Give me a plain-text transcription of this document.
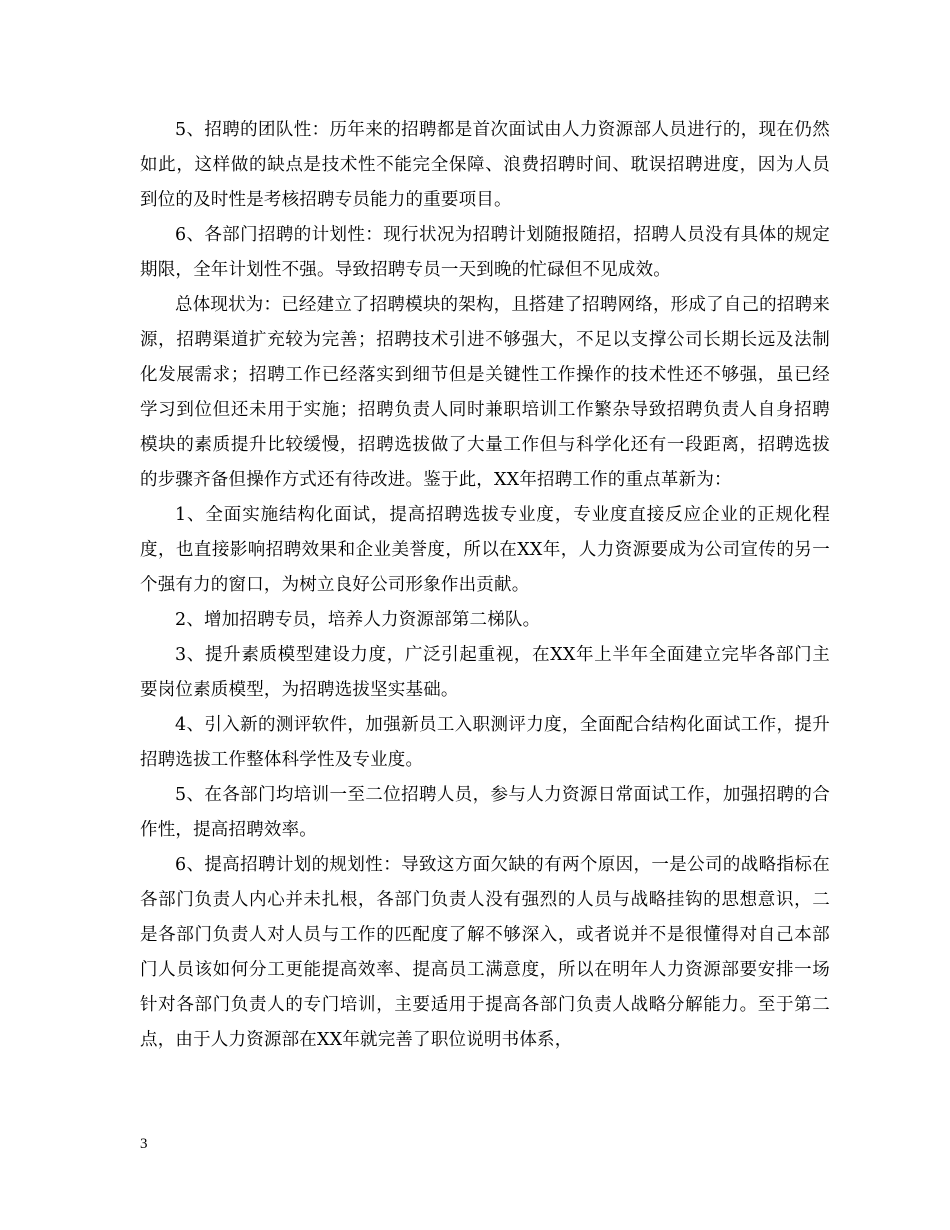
5、招聘的团队性：历年来的招聘都是首次面试由人力资源部人员进行的，现在仍然如此，这样做的缺点是技术性不能完全保障、浪费招聘时间、耽误招聘进度，因为人员到位的及时性是考核招聘专员能力的重要项目。

6、各部门招聘的计划性：现行状况为招聘计划随报随招，招聘人员没有具体的规定期限，全年计划性不强。导致招聘专员一天到晚的忙碌但不见成效。

总体现状为：已经建立了招聘模块的架构，且搭建了招聘网络，形成了自己的招聘来源，招聘渠道扩充较为完善；招聘技术引进不够强大，不足以支撑公司长期长远及法制化发展需求；招聘工作已经落实到细节但是关键性工作操作的技术性还不够强，虽已经学习到位但还未用于实施；招聘负责人同时兼职培训工作繁杂导致招聘负责人自身招聘模块的素质提升比较缓慢，招聘选拔做了大量工作但与科学化还有一段距离，招聘选拔的步骤齐备但操作方式还有待改进。鉴于此，XX年招聘工作的重点革新为：

1、全面实施结构化面试，提高招聘选拔专业度，专业度直接反应企业的正规化程度，也直接影响招聘效果和企业美誉度，所以在XX年，人力资源要成为公司宣传的另一个强有力的窗口，为树立良好公司形象作出贡献。

2、增加招聘专员，培养人力资源部第二梯队。

3、提升素质模型建设力度，广泛引起重视，在XX年上半年全面建立完毕各部门主要岗位素质模型，为招聘选拔坚实基础。

4、引入新的测评软件，加强新员工入职测评力度，全面配合结构化面试工作，提升招聘选拔工作整体科学性及专业度。

5、在各部门均培训一至二位招聘人员，参与人力资源日常面试工作，加强招聘的合作性，提高招聘效率。

6、提高招聘计划的规划性：导致这方面欠缺的有两个原因，一是公司的战略指标在各部门负责人内心并未扎根，各部门负责人没有强烈的人员与战略挂钩的思想意识，二是各部门负责人对人员与工作的匹配度了解不够深入，或者说并不是很懂得对自己本部门人员该如何分工更能提高效率、提高员工满意度，所以在明年人力资源部要安排一场针对各部门负责人的专门培训，主要适用于提高各部门负责人战略分解能力。至于第二点，由于人力资源部在XX年就完善了职位说明书体系，

3
